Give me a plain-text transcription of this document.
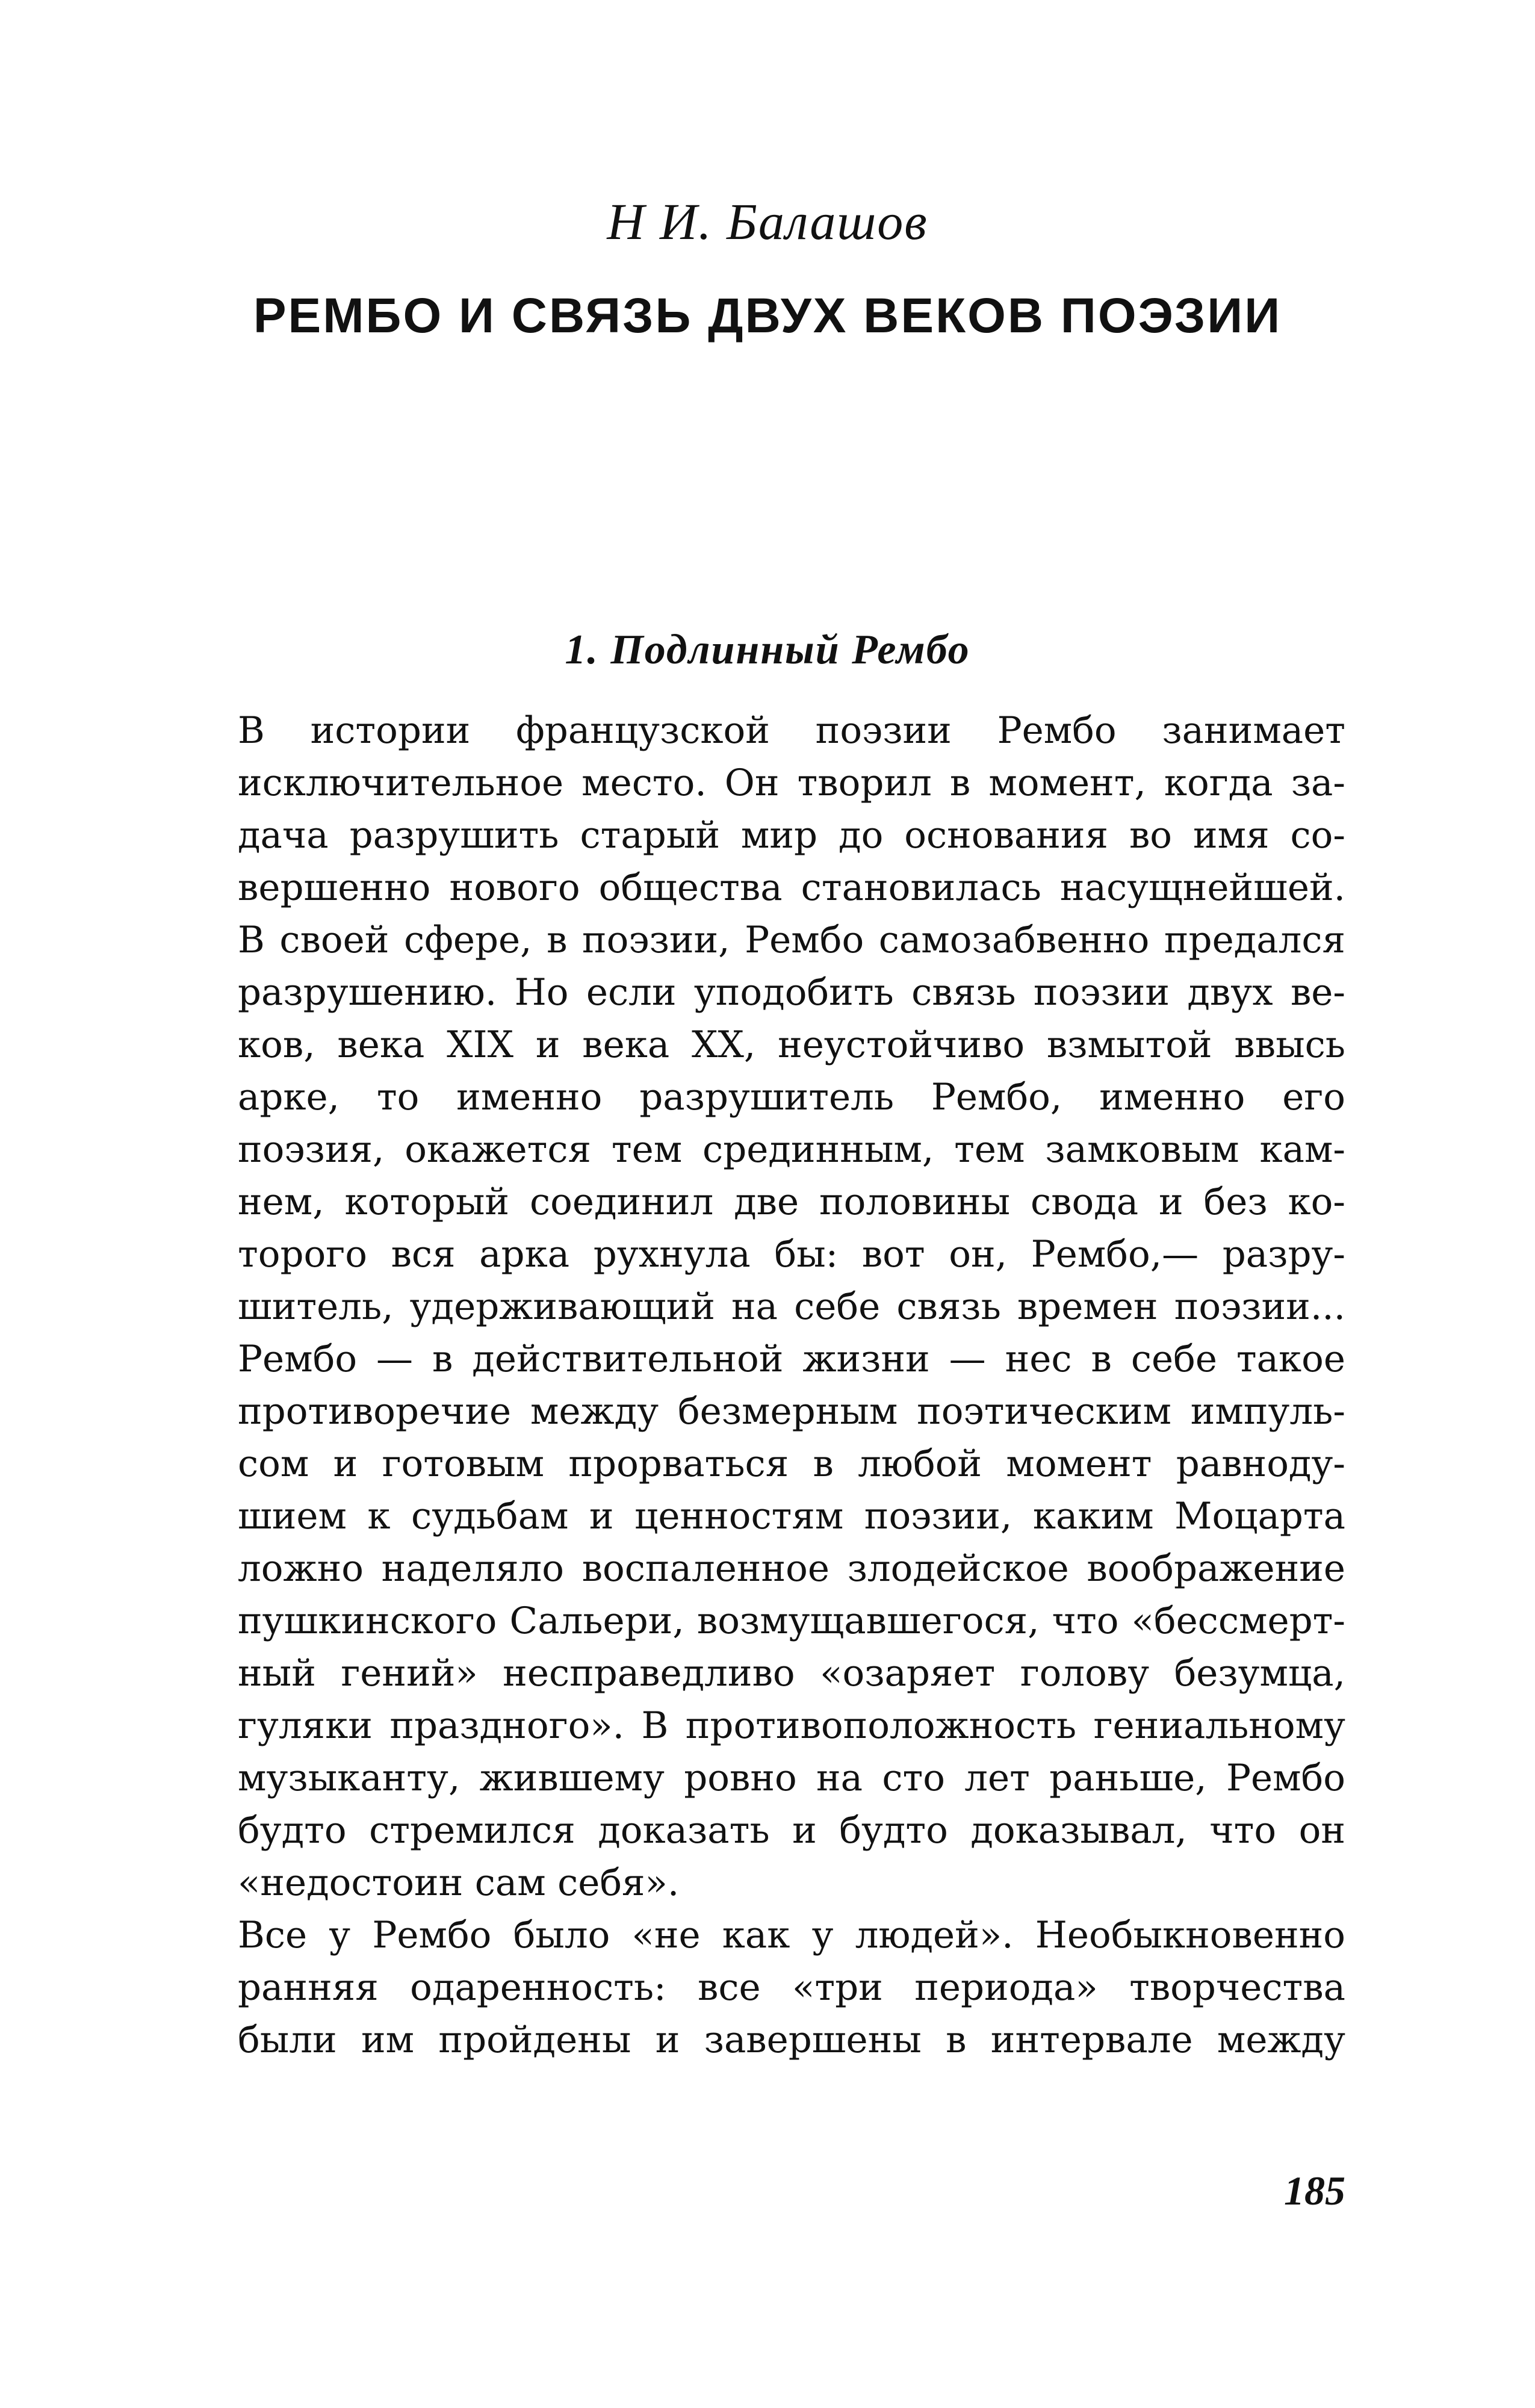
Н И. Балашов
РЕМБО И СВЯЗЬ ДВУХ ВЕКОВ ПОЭЗИИ
1. Подлинный Рембо
В истории французской поэзии Рембо занимает
исключительное место. Он творил в момент, когда за-
дача разрушить старый мир до основания во имя со-
вершенно нового общества становилась насущнейшей.
В своей сфере, в поэзии, Рембо самозабвенно предался
разрушению. Но если уподобить связь поэзии двух ве-
ков, века XIX и века XX, неустойчиво взмытой ввысь
арке, то именно разрушитель Рембо, именно его
поэзия, окажется тем срединным, тем замковым кам-
нем, который соединил две половины свода и без ко-
торого вся арка рухнула бы: вот он, Рембо,— разру-
шитель, удерживающий на себе связь времен поэзии...
Рембо — в действительной жизни — нес в себе такое
противоречие между безмерным поэтическим импуль-
сом и готовым прорваться в любой момент равноду-
шием к судьбам и ценностям поэзии, каким Моцарта
ложно наделяло воспаленное злодейское воображение
пушкинского Сальери, возмущавшегося, что «бессмерт-
ный гений» несправедливо «озаряет голову безумца,
гуляки праздного». В противоположность гениальному
музыканту, жившему ровно на сто лет раньше, Рембо
будто стремился доказать и будто доказывал, что он
«недостоин сам себя».
Все у Рембо было «не как у людей». Необыкновенно
ранняя одаренность: все «три периода» творчества
были им пройдены и завершены в интервале между
185
